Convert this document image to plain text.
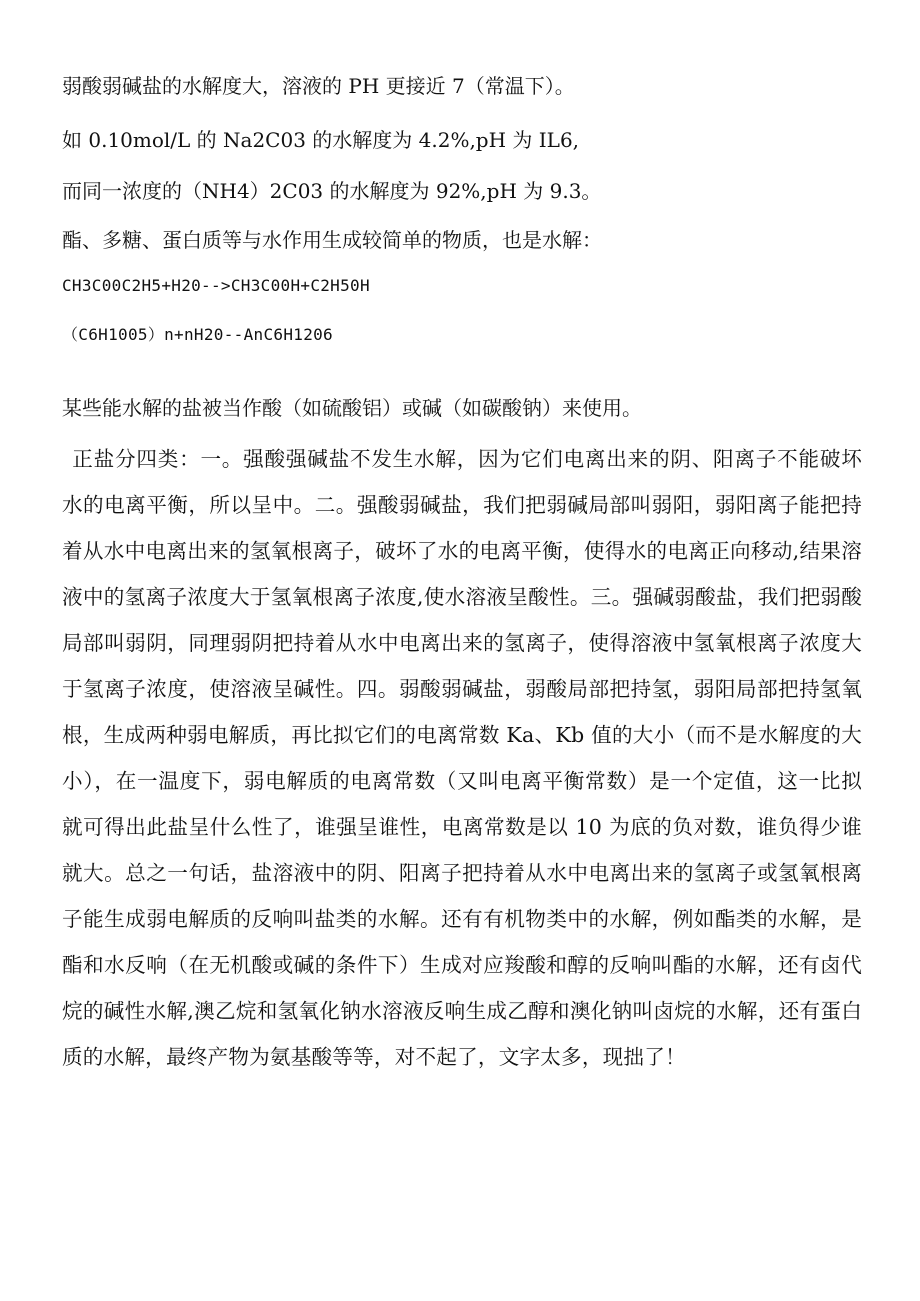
弱酸弱碱盐的水解度大，溶液的 PH 更接近 7（常温下）。
如 0.10mol/L 的 Na2C03 的水解度为 4.2%,pH 为 IL6,
而同一浓度的（NH4）2C03 的水解度为 92%,pH 为 9.3。
酯、多糖、蛋白质等与水作用生成较简单的物质，也是水解：
CH3C00C2H5+H20-->CH3C00H+C2H50H
（C6H1005）n+nH20--AnC6H1206
某些能水解的盐被当作酸（如硫酸铝）或碱（如碳酸钠）来使用。

正盐分四类：一。强酸强碱盐不发生水解，因为它们电离出来的阴、阳离子不能破坏水的电离平衡，所以呈中。二。强酸弱碱盐，我们把弱碱局部叫弱阳，弱阳离子能把持着从水中电离出来的氢氧根离子，破坏了水的电离平衡，使得水的电离正向移动,结果溶液中的氢离子浓度大于氢氧根离子浓度,使水溶液呈酸性。三。强碱弱酸盐，我们把弱酸局部叫弱阴，同理弱阴把持着从水中电离出来的氢离子，使得溶液中氢氧根离子浓度大于氢离子浓度，使溶液呈碱性。四。弱酸弱碱盐，弱酸局部把持氢，弱阳局部把持氢氧根，生成两种弱电解质，再比拟它们的电离常数 Ka、Kb 值的大小（而不是水解度的大小），在一温度下，弱电解质的电离常数（又叫电离平衡常数）是一个定值，这一比拟就可得出此盐呈什么性了，谁强呈谁性，电离常数是以 10 为底的负对数，谁负得少谁就大。总之一句话，盐溶液中的阴、阳离子把持着从水中电离出来的氢离子或氢氧根离子能生成弱电解质的反响叫盐类的水解。还有有机物类中的水解，例如酯类的水解，是酯和水反响（在无机酸或碱的条件下）生成对应羧酸和醇的反响叫酯的水解，还有卤代烷的碱性水解,澳乙烷和氢氧化钠水溶液反响生成乙醇和澳化钠叫卤烷的水解，还有蛋白质的水解，最终产物为氨基酸等等，对不起了，文字太多，现拙了！
